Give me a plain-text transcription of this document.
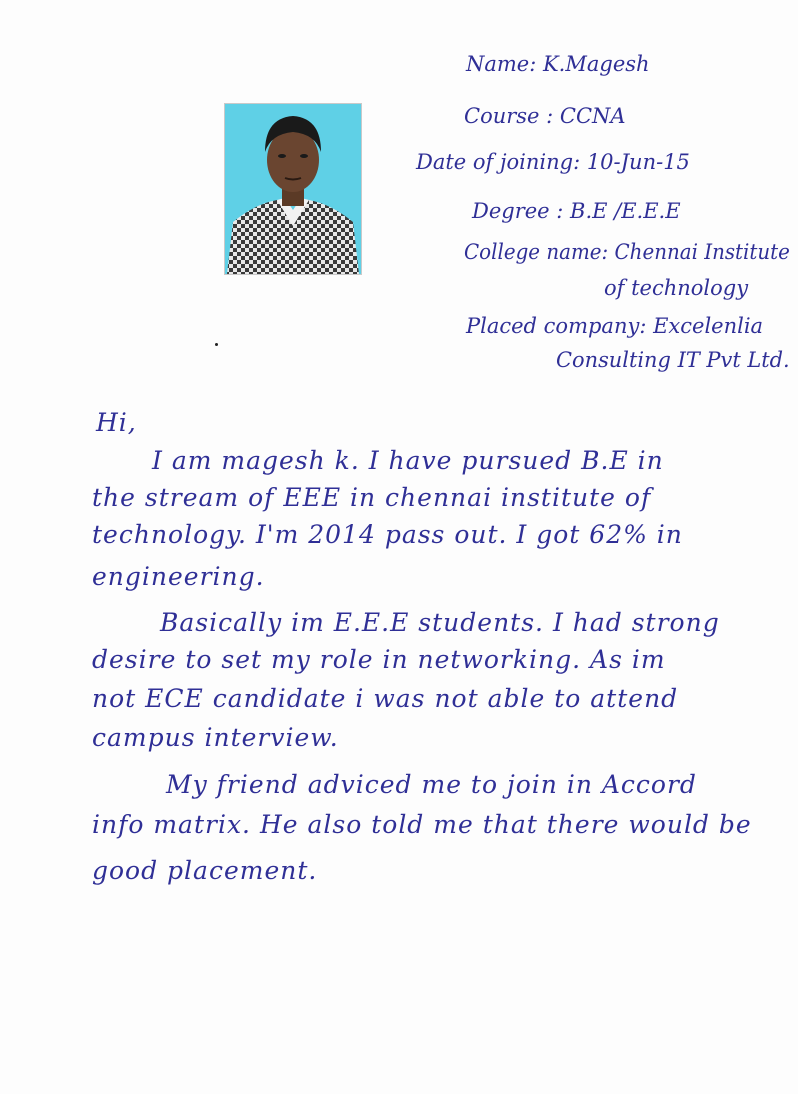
Name: K.Magesh

Course : CCNA

Date of joining: 10-Jun-15

Degree : B.E /E.E.E

College name: Chennai Institute

of technology

Placed company: Excelenlia

Consulting IT Pvt Ltd.

Hi,

I am magesh k. I have pursued B.E in

the stream of EEE in chennai institute of

technology. I'm 2014 pass out. I got 62% in

engineering.

Basically im E.E.E students. I had strong

desire to set my role in networking. As im

not ECE candidate i was not able to attend

campus interview.

My friend adviced me to join in Accord

info matrix. He also told me that there would be

good placement.
